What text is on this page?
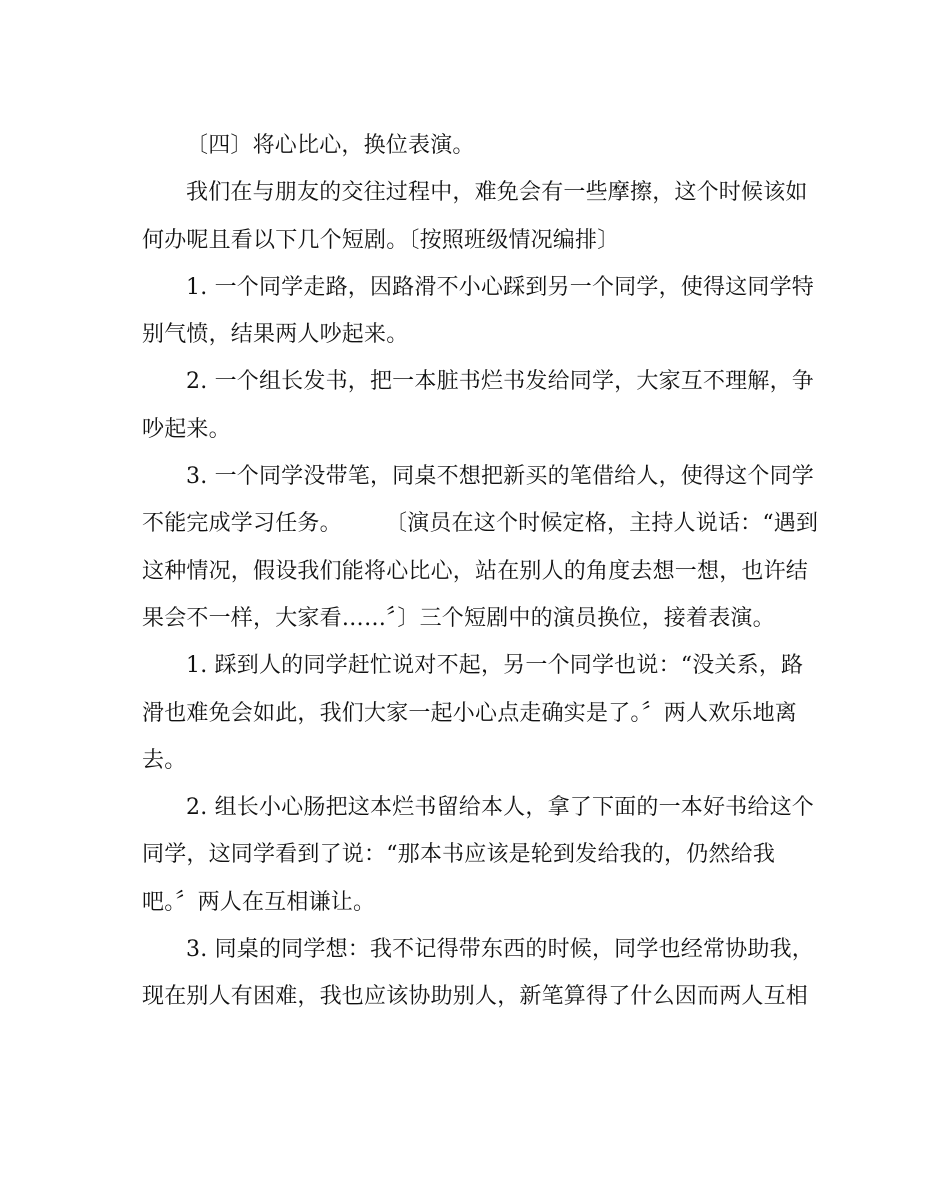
〔四〕将心比心，换位表演。
我们在与朋友的交往过程中，难免会有一些摩擦，这个时候该如
何办呢且看以下几个短剧。〔按照班级情况编排〕
1. 一个同学走路，因路滑不小心踩到另一个同学，使得这同学特
别气愤，结果两人吵起来。
2. 一个组长发书，把一本脏书烂书发给同学，大家互不理解，争
吵起来。
3. 一个同学没带笔，同桌不想把新买的笔借给人，使得这个同学
不能完成学习任务。      〔演员在这个时候定格，主持人说话：“遇到
这种情况，假设我们能将心比心，站在别人的角度去想一想，也许结
果会不一样，大家看……〞〕三个短剧中的演员换位，接着表演。
1. 踩到人的同学赶忙说对不起，另一个同学也说：“没关系，路
滑也难免会如此，我们大家一起小心点走确实是了。〞两人欢乐地离
去。
2. 组长小心肠把这本烂书留给本人，拿了下面的一本好书给这个
同学，这同学看到了说：“那本书应该是轮到发给我的，仍然给我
吧。〞两人在互相谦让。
3. 同桌的同学想：我不记得带东西的时候，同学也经常协助我，
现在别人有困难，我也应该协助别人，新笔算得了什么因而两人互相
